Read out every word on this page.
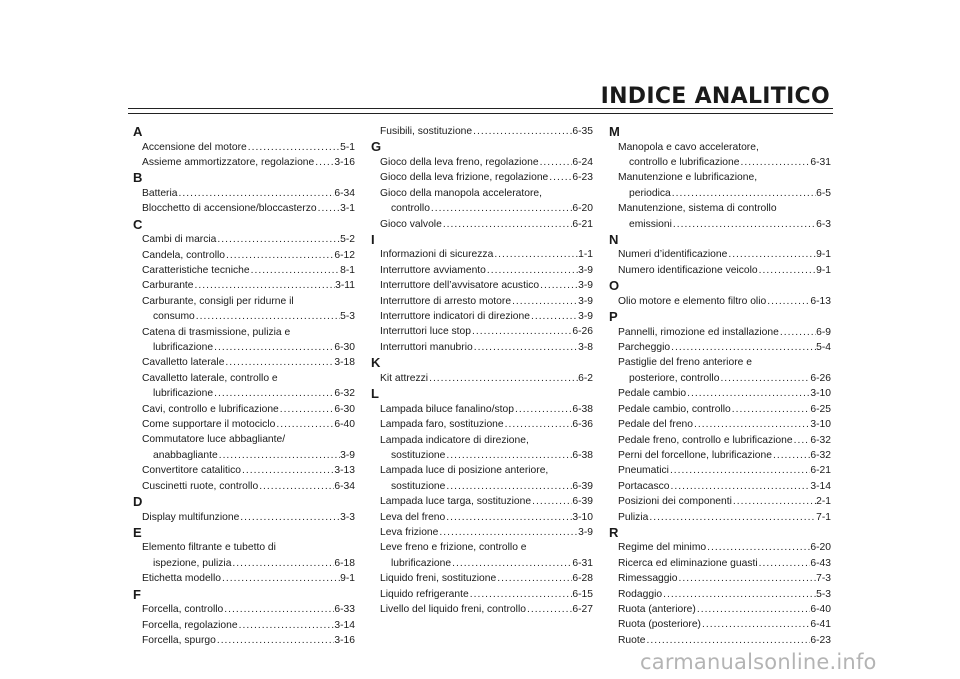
INDICE ANALITICO
A
Accensione del motore .....	5-1
Assieme ammortizzatore, regolazione ..... 3-16
B
Batteria .....	6-34
Blocchetto di accensione/bloccasterzo ..... 3-1
C
Cambi di marcia .....	5-2
Candela, controllo .....	6-12
Caratteristiche tecniche .....	8-1
Carburante .....	3-11
Carburante, consigli per ridurne il
consumo .....	5-3
Catena di trasmissione, pulizia e
lubrificazione .....	6-30
Cavalletto laterale .....	3-18
Cavalletto laterale, controllo e
lubrificazione .....	6-32
Cavi, controllo e lubrificazione .....	6-30
Come supportare il motociclo .....	6-40
Commutatore luce abbagliante/
anabbagliante .....	3-9
Convertitore catalitico .....	3-13
Cuscinetti ruote, controllo .....	6-34
D
Display multifunzione .....	3-3
E
Elemento filtrante e tubetto di
ispezione, pulizia .....	6-18
Etichetta modello .....	9-1
F
Forcella, controllo .....	6-33
Forcella, regolazione .....	3-14
Forcella, spurgo .....	3-16
Fusibili, sostituzione .....	6-35
G
Gioco della leva freno, regolazione .....	6-24
Gioco della leva frizione, regolazione ..... 6-23
Gioco della manopola acceleratore,
controllo .....	6-20
Gioco valvole .....	6-21
I
Informazioni di sicurezza .....	1-1
Interruttore avviamento .....	3-9
Interruttore dell’avvisatore acustico .....	3-9
Interruttore di arresto motore .....	3-9
Interruttore indicatori di direzione .....	3-9
Interruttori luce stop .....	6-26
Interruttori manubrio .....	3-8
K
Kit attrezzi .....	6-2
L
Lampada biluce fanalino/stop .....	6-38
Lampada faro, sostituzione .....	6-36
Lampada indicatore di direzione,
sostituzione .....	6-38
Lampada luce di posizione anteriore,
sostituzione .....	6-39
Lampada luce targa, sostituzione .....	6-39
Leva del freno .....	3-10
Leva frizione .....	3-9
Leve freno e frizione, controllo e
lubrificazione .....	6-31
Liquido freni, sostituzione .....	6-28
Liquido refrigerante .....	6-15
Livello del liquido freni, controllo .....	6-27
M
Manopola e cavo acceleratore,
controllo e lubrificazione .....	6-31
Manutenzione e lubrificazione,
periodica .....	6-5
Manutenzione, sistema di controllo
emissioni .....	6-3
N
Numeri d’identificazione .....	9-1
Numero identificazione veicolo .....	9-1
O
Olio motore e elemento filtro olio .....	6-13
P
Pannelli, rimozione ed installazione .....	6-9
Parcheggio .....	5-4
Pastiglie del freno anteriore e
posteriore, controllo .....	6-26
Pedale cambio .....	3-10
Pedale cambio, controllo .....	6-25
Pedale del freno .....	3-10
Pedale freno, controllo e lubrificazione ..... 6-32
Perni del forcellone, lubrificazione .....	6-32
Pneumatici .....	6-21
Portacasco .....	3-14
Posizioni dei componenti .....	2-1
Pulizia .....	7-1
R
Regime del minimo .....	6-20
Ricerca ed eliminazione guasti .....	6-43
Rimessaggio .....	7-3
Rodaggio .....	5-3
Ruota (anteriore) .....	6-40
Ruota (posteriore) .....	6-41
Ruote .....	6-23
carmanualsonline.info
